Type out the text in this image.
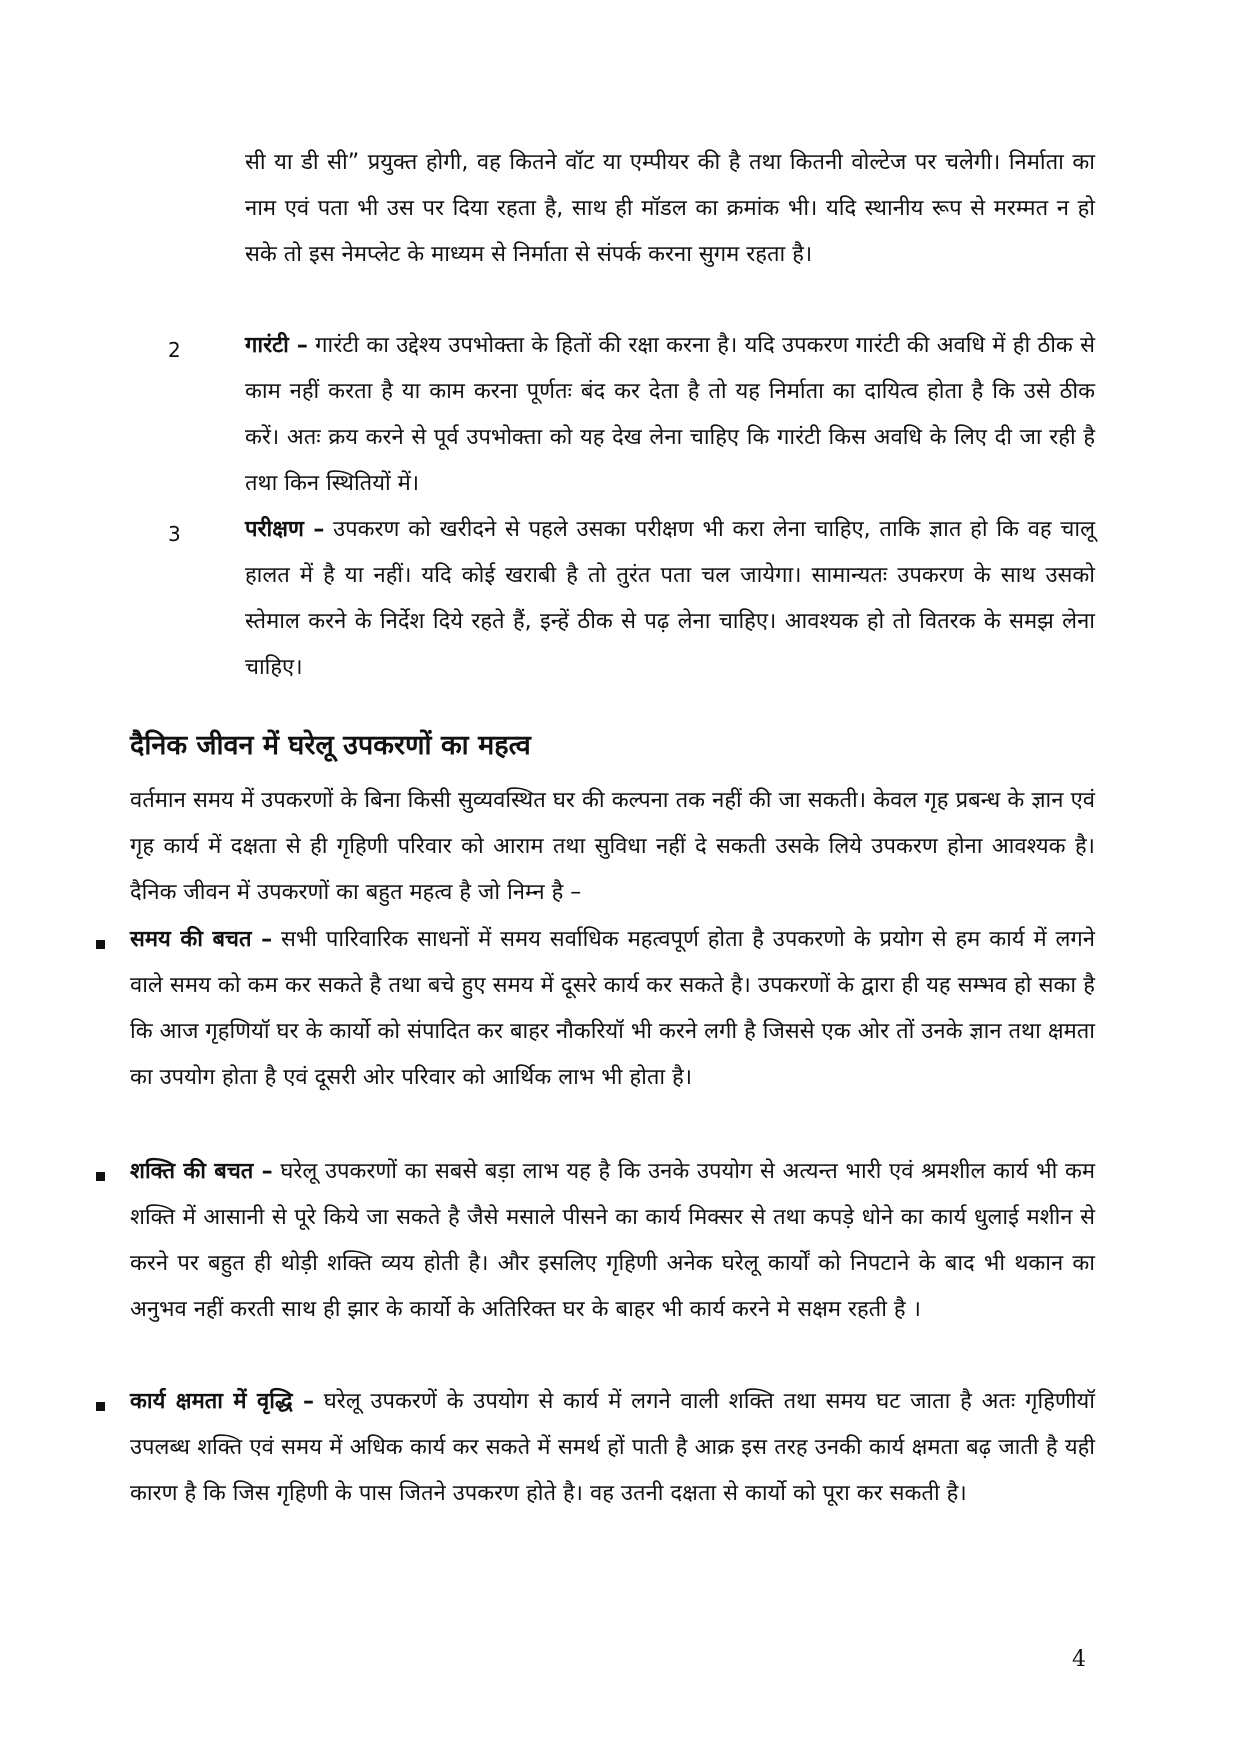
सी या डी सी” प्रयुक्त होगी, वह कितने वॉट या एम्पीयर की है तथा कितनी वोल्टेज पर चलेगी। निर्माता का नाम एवं पता भी उस पर दिया रहता है, साथ ही मॉडल का क्रमांक भी। यदि स्थानीय रूप से मरम्मत न हो सके तो इस नेमप्लेट के माध्यम से निर्माता से संपर्क करना सुगम रहता है।

2	गारंटी – गारंटी का उद्देश्य उपभोक्ता के हितों की रक्षा करना है। यदि उपकरण गारंटी की अवधि में ही ठीक से काम नहीं करता है या काम करना पूर्णतः बंद कर देता है तो यह निर्माता का दायित्व होता है कि उसे ठीक करें। अतः क्रय करने से पूर्व उपभोक्ता को यह देख लेना चाहिए कि गारंटी किस अवधि के लिए दी जा रही है तथा किन स्थितियों में।

3	परीक्षण – उपकरण को खरीदने से पहले उसका परीक्षण भी करा लेना चाहिए, ताकि ज्ञात हो कि वह चालू हालत में है या नहीं। यदि कोई खराबी है तो तुरंत पता चल जायेगा। सामान्यतः उपकरण के साथ उसको स्तेमाल करने के निर्देश दिये रहते हैं, इन्हें ठीक से पढ़ लेना चाहिए। आवश्यक हो तो वितरक के समझ लेना चाहिए।

दैनिक जीवन में घरेलू उपकरणों का महत्व

वर्तमान समय में उपकरणों के बिना किसी सुव्यवस्थित घर की कल्पना तक नहीं की जा सकती। केवल गृह प्रबन्ध के ज्ञान एवं गृह कार्य में दक्षता से ही गृहिणी परिवार को आराम तथा सुविधा नहीं दे सकती उसके लिये उपकरण होना आवश्यक है। दैनिक जीवन में उपकरणों का बहुत महत्व है जो निम्न है –

समय की बचत – सभी पारिवारिक साधनों में समय सर्वाधिक महत्वपूर्ण होता है उपकरणो के प्रयोग से हम कार्य में लगने वाले समय को कम कर सकते है तथा बचे हुए समय में दूसरे कार्य कर सकते है। उपकरणों के द्वारा ही यह सम्भव हो सका है कि आज गृहणियॉ घर के कार्यो को संपादित कर बाहर नौकरियॉ भी करने लगी है जिससे एक ओर तों उनके ज्ञान तथा क्षमता का उपयोग होता है एवं दूसरी ओर परिवार को आर्थिक लाभ भी होता है।

शक्ति की बचत – घरेलू उपकरणों का सबसे बड़ा लाभ यह है कि उनके उपयोग से अत्यन्त भारी एवं श्रमशील कार्य भी कम शक्ति में आसानी से पूरे किये जा सकते है जैसे मसाले पीसने का कार्य मिक्सर से तथा कपड़े धोने का कार्य धुलाई मशीन से करने पर बहुत ही थोड़ी शक्ति व्यय होती है। और इसलिए गृहिणी अनेक घरेलू कार्यों को निपटाने के बाद भी थकान का अनुभव नहीं करती साथ ही झार के कार्यो के अतिरिक्त घर के बाहर भी कार्य करने मे सक्षम रहती है ।

कार्य क्षमता में वृद्धि – घरेलू उपकरणें के उपयोग से कार्य में लगने वाली शक्ति तथा समय घट जाता है अतः गृहिणीयॉ उपलब्ध शक्ति एवं समय में अधिक कार्य कर सकते में समर्थ हों पाती है आक्र इस तरह उनकी कार्य क्षमता बढ़ जाती है यही कारण है कि जिस गृहिणी के पास जितने उपकरण होते है। वह उतनी दक्षता से कार्यो को पूरा कर सकती है।

4
